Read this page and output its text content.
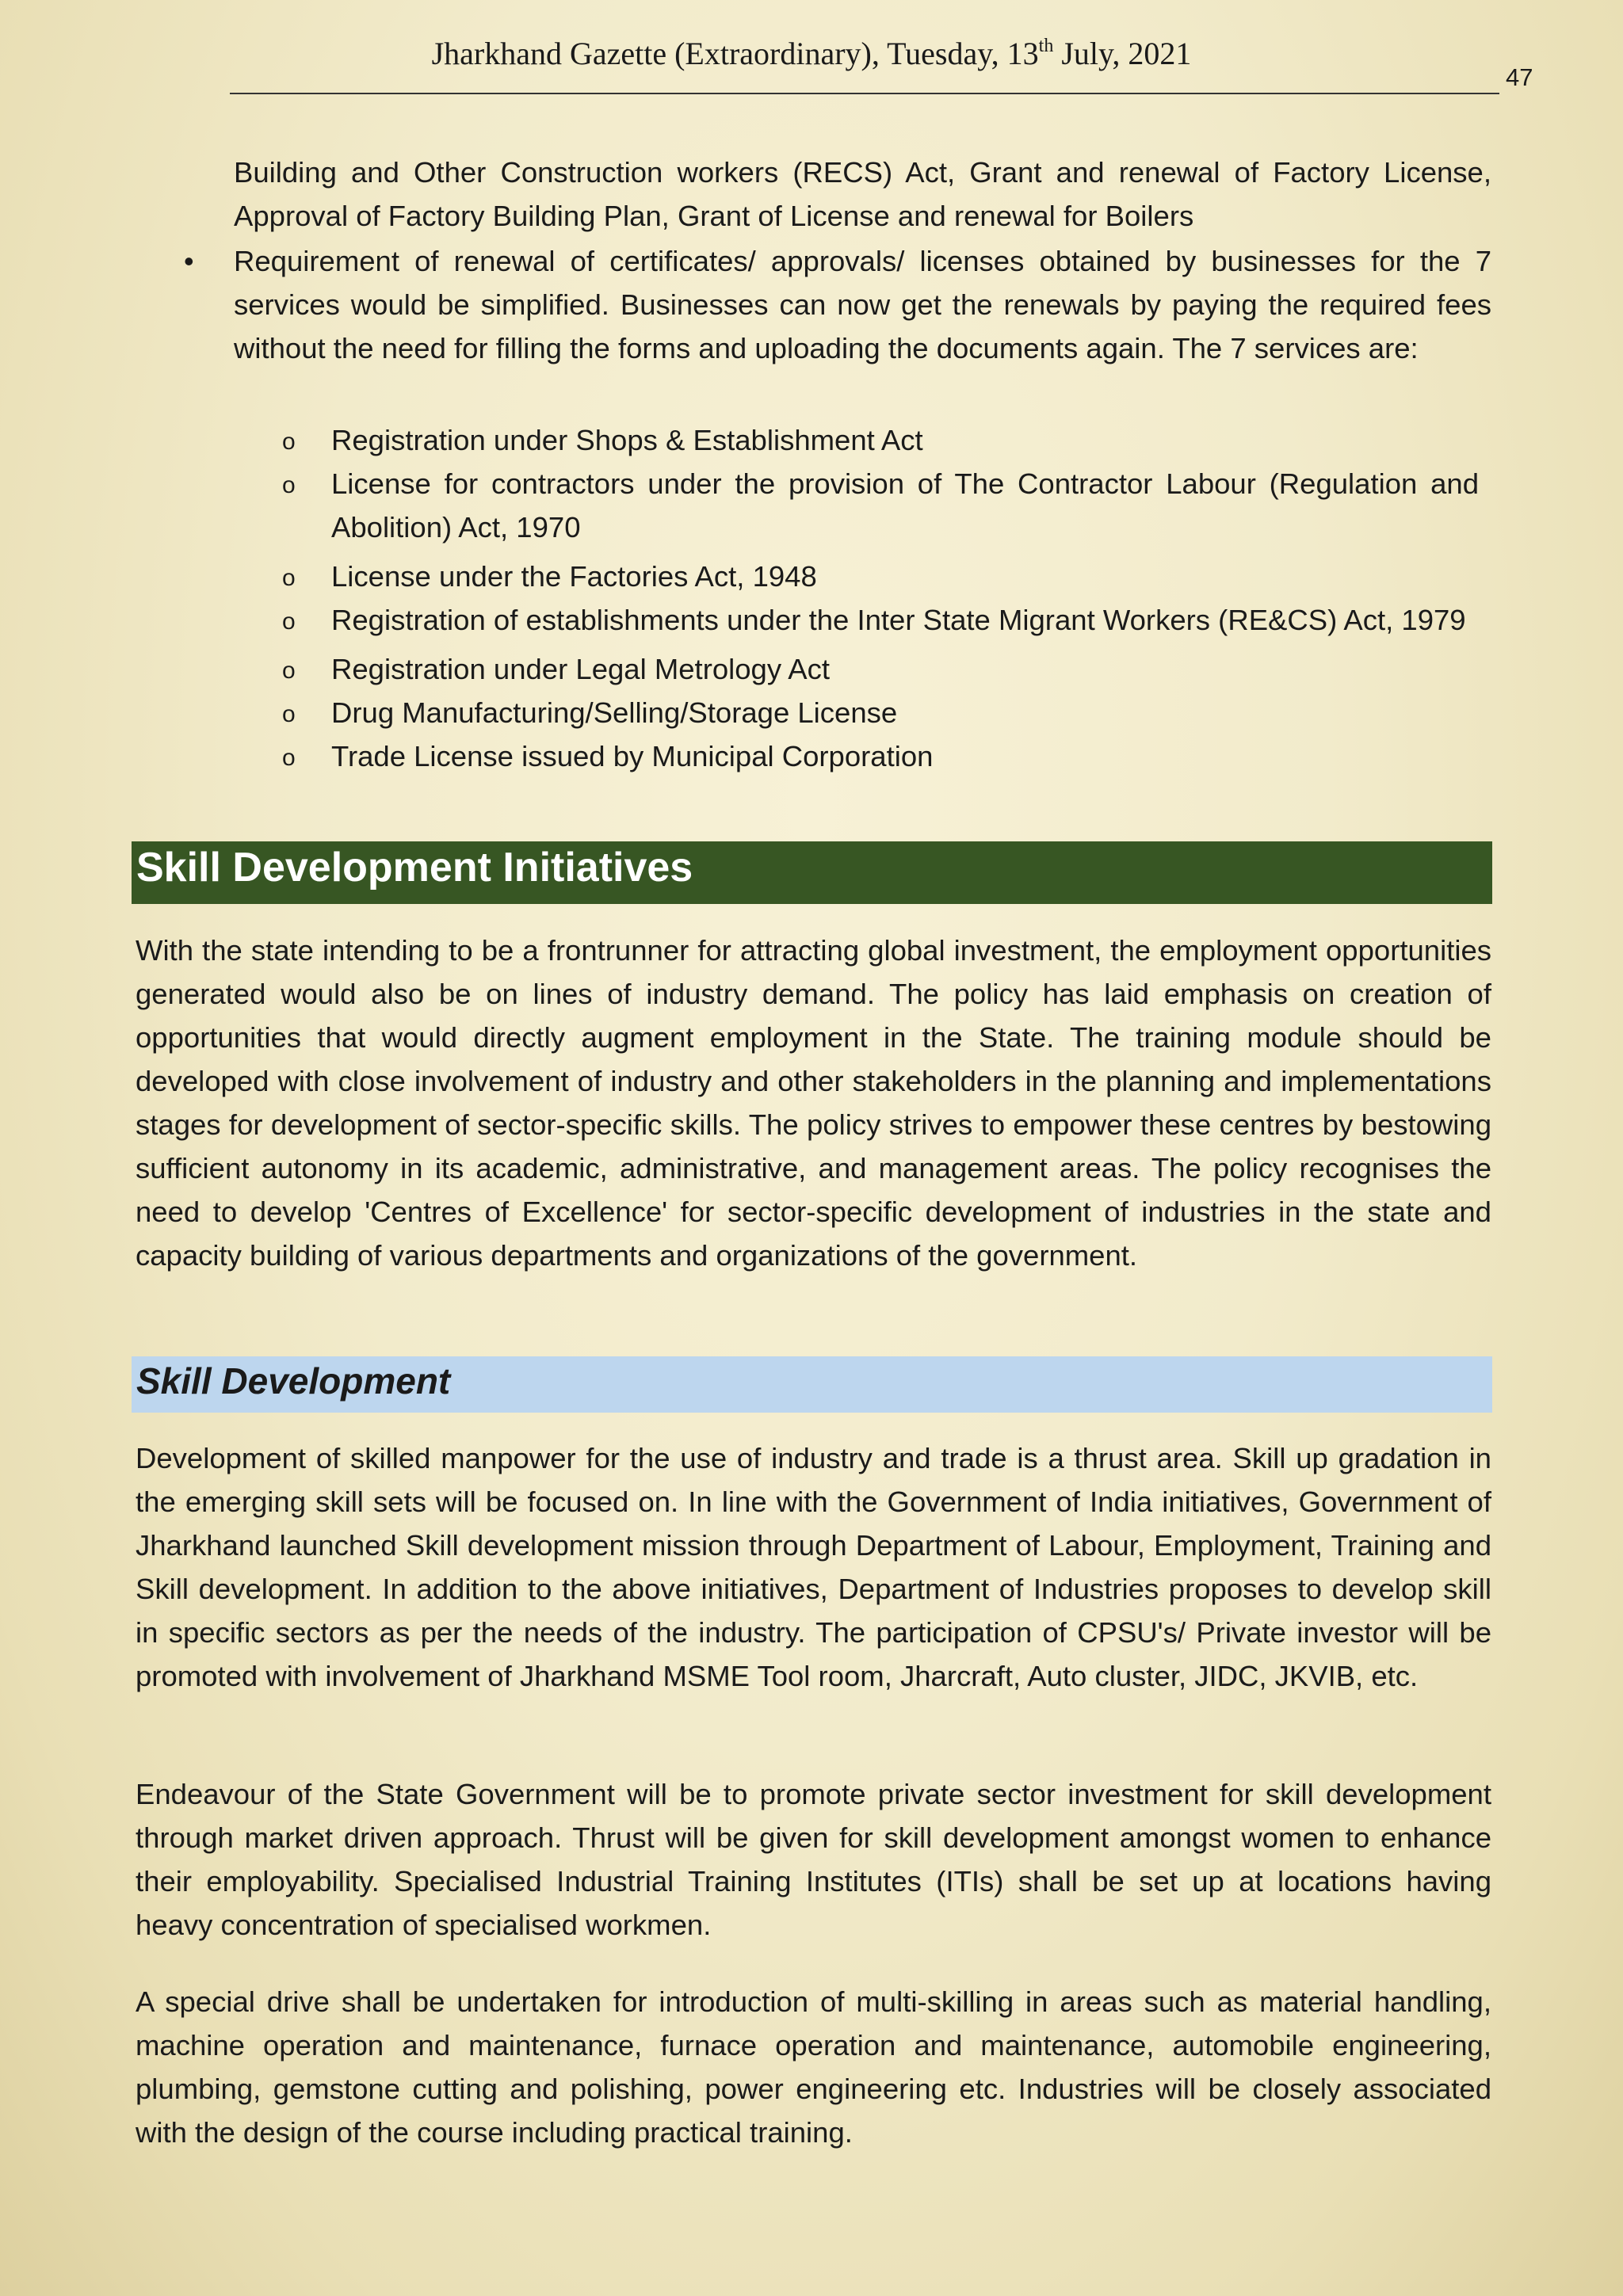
Jharkhand Gazette (Extraordinary), Tuesday, 13th July, 2021
47

Building and Other Construction workers (RECS) Act, Grant and renewal of Factory License, Approval of Factory Building Plan, Grant of License and renewal for Boilers

• Requirement of renewal of certificates/ approvals/ licenses obtained by businesses for the 7 services would be simplified. Businesses can now get the renewals by paying the required fees without the need for filling the forms and uploading the documents again. The 7 services are:

o Registration under Shops & Establishment Act
o License for contractors under the provision of The Contractor Labour (Regulation and Abolition) Act, 1970
o License under the Factories Act, 1948
o Registration of establishments under the Inter State Migrant Workers (RE&CS) Act, 1979
o Registration under Legal Metrology Act
o Drug Manufacturing/Selling/Storage License
o Trade License issued by Municipal Corporation
Skill Development Initiatives

With the state intending to be a frontrunner for attracting global investment, the employment opportunities generated would also be on lines of industry demand. The policy has laid emphasis on creation of opportunities that would directly augment employment in the State. The training module should be developed with close involvement of industry and other stakeholders in the planning and implementations stages for development of sector-specific skills. The policy strives to empower these centres by bestowing sufficient autonomy in its academic, administrative, and management areas. The policy recognises the need to develop 'Centres of Excellence' for sector-specific development of industries in the state and capacity building of various departments and organizations of the government.

Skill Development

Development of skilled manpower for the use of industry and trade is a thrust area. Skill up gradation in the emerging skill sets will be focused on. In line with the Government of India initiatives, Government of Jharkhand launched Skill development mission through Department of Labour, Employment, Training and Skill development. In addition to the above initiatives, Department of Industries proposes to develop skill in specific sectors as per the needs of the industry. The participation of CPSU's/ Private investor will be promoted with involvement of Jharkhand MSME Tool room, Jharcraft, Auto cluster, JIDC, JKVIB, etc.

Endeavour of the State Government will be to promote private sector investment for skill development through market driven approach. Thrust will be given for skill development amongst women to enhance their employability. Specialised Industrial Training Institutes (ITIs) shall be set up at locations having heavy concentration of specialised workmen.

A special drive shall be undertaken for introduction of multi-skilling in areas such as material handling, machine operation and maintenance, furnace operation and maintenance, automobile engineering, plumbing, gemstone cutting and polishing, power engineering etc. Industries will be closely associated with the design of the course including practical training.
